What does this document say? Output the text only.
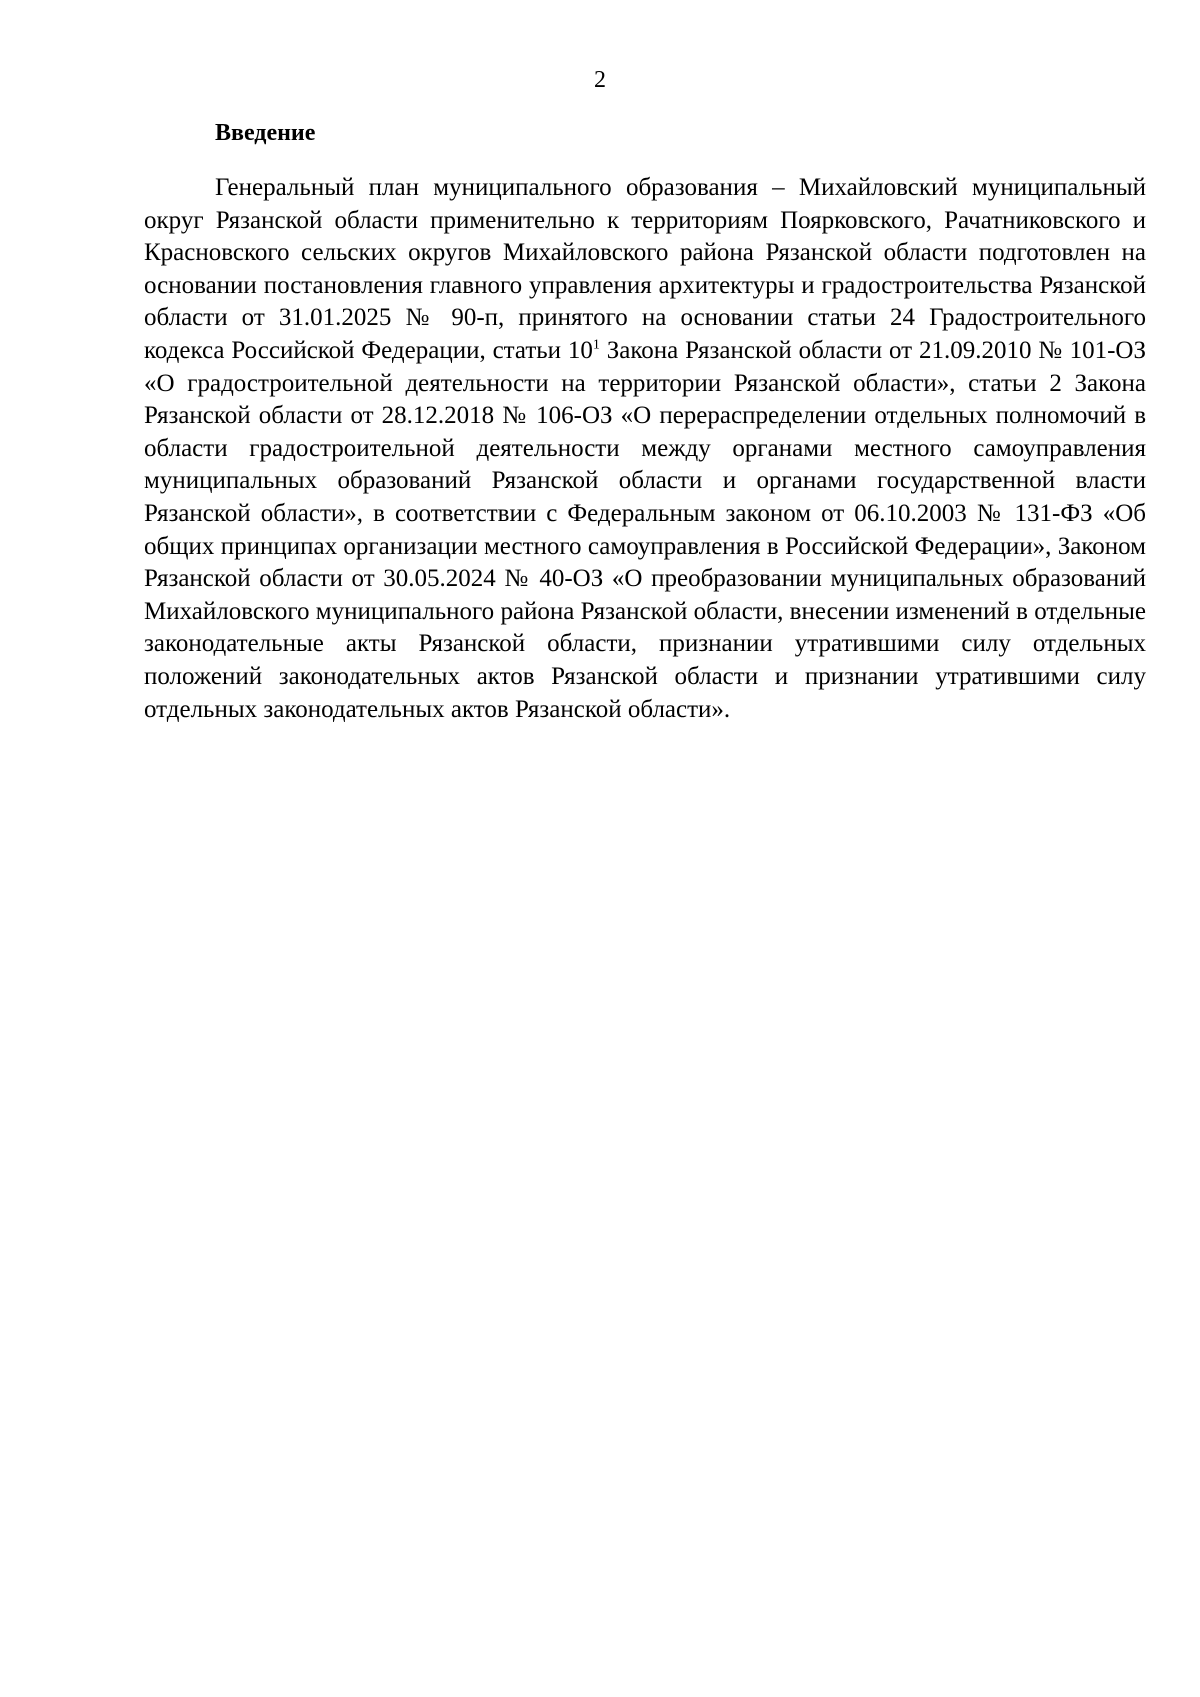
2
Введение

Генеральный план муниципального образования – Михайловский муниципальный округ Рязанской области применительно к территориям Поярковского, Рачатниковского и Красновского сельских округов Михайловского района Рязанской области подготовлен на основании постановления главного управления архитектуры и градостроительства Рязанской области от 31.01.2025 № 90-п, принятого на основании статьи 24 Градостроительного кодекса Российской Федерации, статьи $10^1$ Закона Рязанской области от 21.09.2010 № 101-ОЗ «О градостроительной деятельности на территории Рязанской области», статьи 2 Закона Рязанской области от 28.12.2018 № 106-ОЗ «О перераспределении отдельных полномочий в области градостроительной деятельности между органами местного самоуправления муниципальных образований Рязанской области и органами государственной власти Рязанской области», в соответствии с Федеральным законом от 06.10.2003 № 131-ФЗ «Об общих принципах организации местного самоуправления в Российской Федерации», Законом Рязанской области от 30.05.2024 № 40-ОЗ «О преобразовании муниципальных образований Михайловского муниципального района Рязанской области, внесении изменений в отдельные законодательные акты Рязанской области, признании утратившими силу отдельных положений законодательных актов Рязанской области и признании утратившими силу отдельных законодательных актов Рязанской области».
